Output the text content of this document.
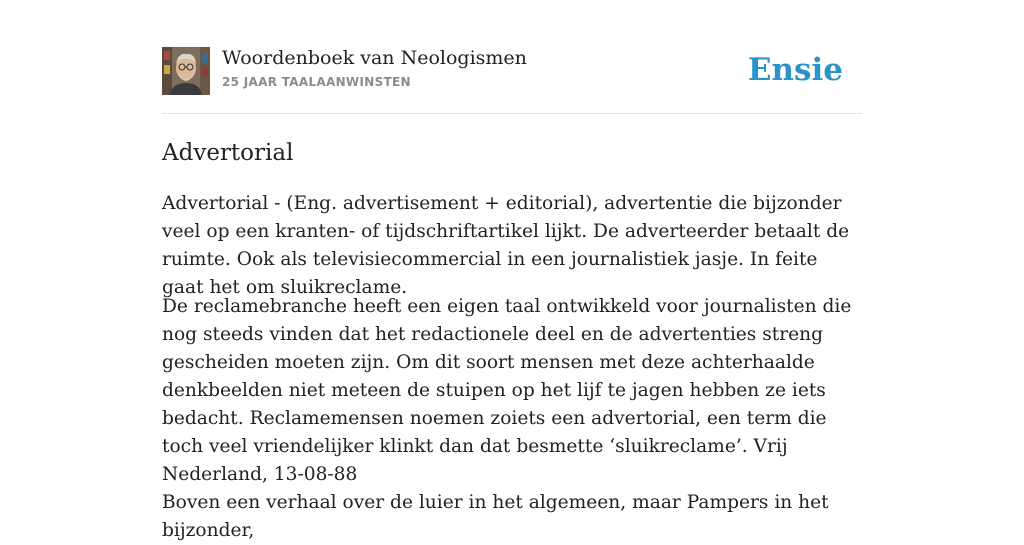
Woordenboek van Neologismen
25 JAAR TAALAANWINSTEN	Ensie
Advertorial

Advertorial - (Eng. advertisement + editorial), advertentie die bijzonder veel op een kranten- of tijdschriftartikel lijkt. De adverteerder betaalt de ruimte. Ook als televisiecommercial in een journalistiek jasje. In feite gaat het om sluikreclame.

De reclamebranche heeft een eigen taal ontwikkeld voor journalisten die nog steeds vinden dat het redactionele deel en de advertenties streng gescheiden moeten zijn. Om dit soort mensen met deze achterhaalde denkbeelden niet meteen de stuipen op het lijf te jagen hebben ze iets bedacht. Reclamemensen noemen zoiets een advertorial, een term die toch veel vriendelijker klinkt dan dat besmette ‘sluikreclame’. Vrij Nederland, 13-08-88

Boven een verhaal over de luier in het algemeen, maar Pampers in het bijzonder,
